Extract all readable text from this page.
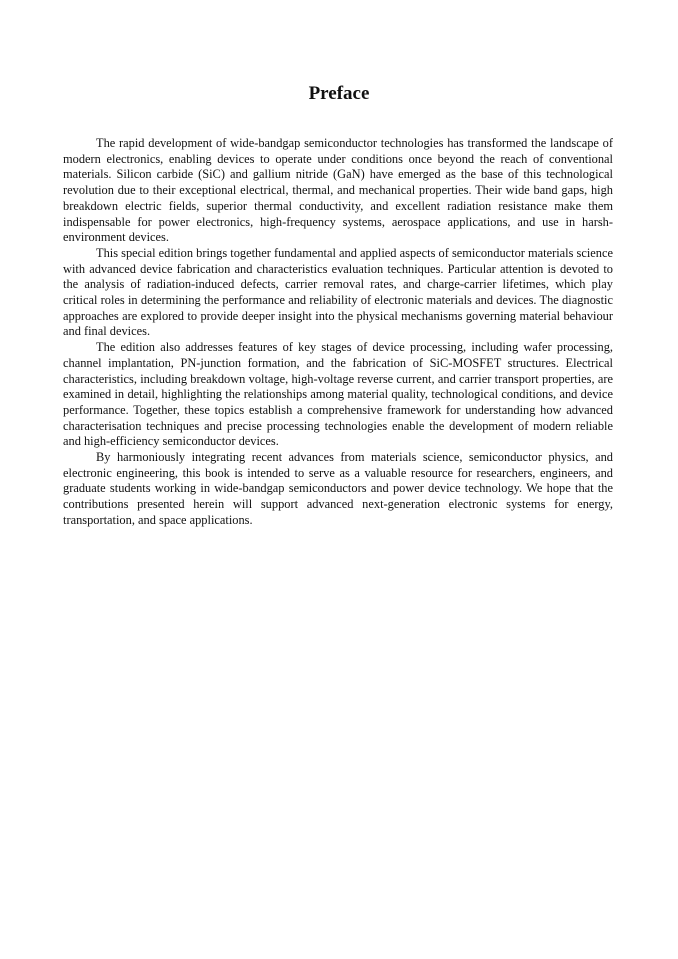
Preface

The rapid development of wide-bandgap semiconductor technologies has transformed the landscape of modern electronics, enabling devices to operate under conditions once beyond the reach of conventional materials. Silicon carbide (SiC) and gallium nitride (GaN) have emerged as the base of this technological revolution due to their exceptional electrical, thermal, and mechanical properties. Their wide band gaps, high breakdown electric fields, superior thermal conductivity, and excellent radiation resistance make them indispensable for power electronics, high-frequency systems, aerospace applications, and use in harsh-environment devices.

This special edition brings together fundamental and applied aspects of semiconductor materials science with advanced device fabrication and characteristics evaluation techniques. Particular attention is devoted to the analysis of radiation-induced defects, carrier removal rates, and charge-carrier lifetimes, which play critical roles in determining the performance and reliability of electronic materials and devices. The diagnostic approaches are explored to provide deeper insight into the physical mechanisms governing material behaviour and final devices.

The edition also addresses features of key stages of device processing, including wafer processing, channel implantation, PN-junction formation, and the fabrication of SiC-MOSFET structures. Electrical characteristics, including breakdown voltage, high-voltage reverse current, and carrier transport properties, are examined in detail, highlighting the relationships among material quality, technological conditions, and device performance. Together, these topics establish a comprehensive framework for understanding how advanced characterisation techniques and precise processing technologies enable the development of modern reliable and high-efficiency semiconductor devices.

By harmoniously integrating recent advances from materials science, semiconductor physics, and electronic engineering, this book is intended to serve as a valuable resource for researchers, engineers, and graduate students working in wide-bandgap semiconductors and power device technology. We hope that the contributions presented herein will support advanced next-generation electronic systems for energy, transportation, and space applications.
